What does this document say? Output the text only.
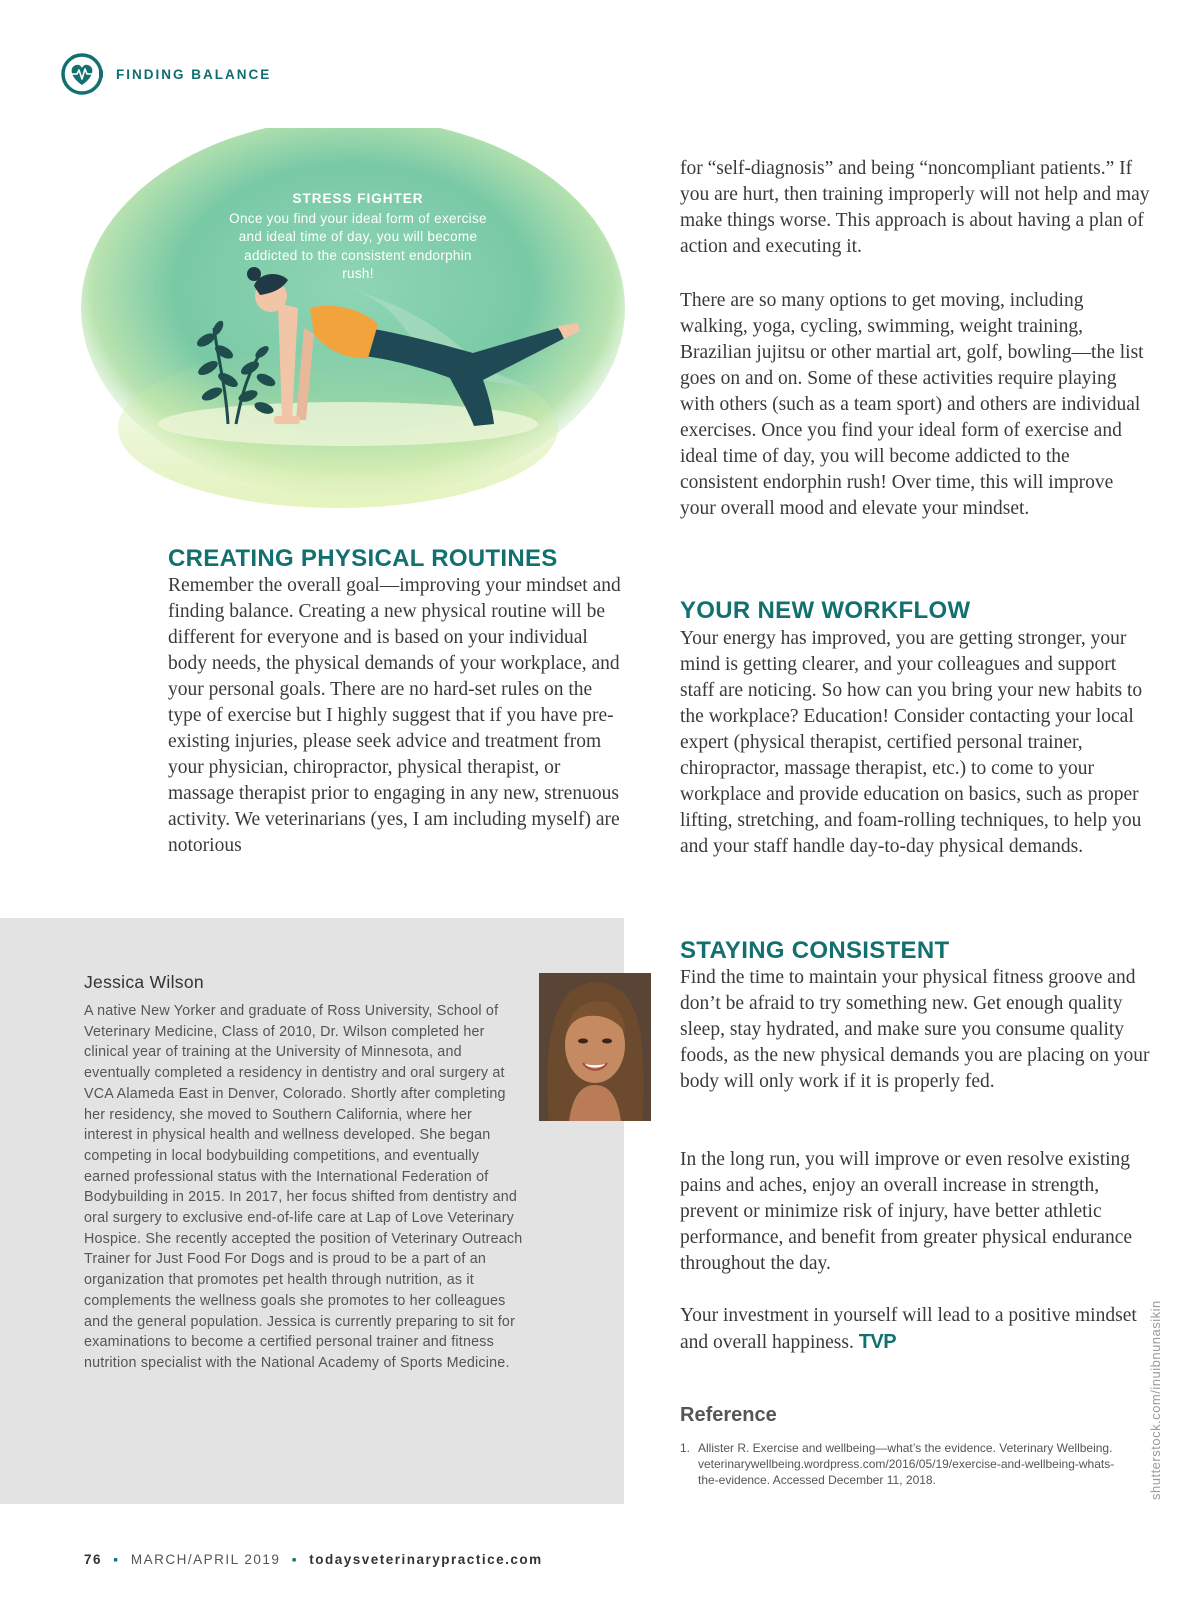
FINDING BALANCE
STRESS FIGHTER
Once you find your ideal form of exercise and ideal time of day, you will become addicted to the consistent endorphin rush!
CREATING PHYSICAL ROUTINES

Remember the overall goal—improving your mindset and finding balance. Creating a new physical routine will be different for everyone and is based on your individual body needs, the physical demands of your workplace, and your personal goals. There are no hard-set rules on the type of exercise but I highly suggest that if you have pre-existing injuries, please seek advice and treatment from your physician, chiropractor, physical therapist, or massage therapist prior to engaging in any new, strenuous activity. We veterinarians (yes, I am including myself) are notorious

for “self-diagnosis” and being “noncompliant patients.” If you are hurt, then training improperly will not help and may make things worse. This approach is about having a plan of action and executing it.

There are so many options to get moving, including walking, yoga, cycling, swimming, weight training, Brazilian jujitsu or other martial art, golf, bowling—the list goes on and on. Some of these activities require playing with others (such as a team sport) and others are individual exercises. Once you find your ideal form of exercise and ideal time of day, you will become addicted to the consistent endorphin rush! Over time, this will improve your overall mood and elevate your mindset.

YOUR NEW WORKFLOW

Your energy has improved, you are getting stronger, your mind is getting clearer, and your colleagues and support staff are noticing. So how can you bring your new habits to the workplace? Education! Consider contacting your local expert (physical therapist, certified personal trainer, chiropractor, massage therapist, etc.) to come to your workplace and provide education on basics, such as proper lifting, stretching, and foam-rolling techniques, to help you and your staff handle day-to-day physical demands.

STAYING CONSISTENT

Find the time to maintain your physical fitness groove and don’t be afraid to try something new. Get enough quality sleep, stay hydrated, and make sure you consume quality foods, as the new physical demands you are placing on your body will only work if it is properly fed.

In the long run, you will improve or even resolve existing pains and aches, enjoy an overall increase in strength, prevent or minimize risk of injury, have better athletic performance, and benefit from greater physical endurance throughout the day.

Your investment in yourself will lead to a positive mindset and overall happiness. TVP

Jessica Wilson

A native New Yorker and graduate of Ross University, School of Veterinary Medicine, Class of 2010, Dr. Wilson completed her clinical year of training at the University of Minnesota, and eventually completed a residency in dentistry and oral surgery at VCA Alameda East in Denver, Colorado. Shortly after completing her residency, she moved to Southern California, where her interest in physical health and wellness developed. She began competing in local bodybuilding competitions, and eventually earned professional status with the International Federation of Bodybuilding in 2015. In 2017, her focus shifted from dentistry and oral surgery to exclusive end-of-life care at Lap of Love Veterinary Hospice. She recently accepted the position of Veterinary Outreach Trainer for Just Food For Dogs and is proud to be a part of an organization that promotes pet health through nutrition, as it complements the wellness goals she promotes to her colleagues and the general population. Jessica is currently preparing to sit for examinations to become a certified personal trainer and fitness nutrition specialist with the National Academy of Sports Medicine.

Reference
1. Allister R. Exercise and wellbeing—what’s the evidence. Veterinary Wellbeing. veterinarywellbeing.wordpress.com/2016/05/19/exercise-and-wellbeing-whats-the-evidence. Accessed December 11, 2018.	shutterstock.com/inuibnunasikin
76 ▪ MARCH/APRIL 2019 ▪ todaysveterinarypractice.com
